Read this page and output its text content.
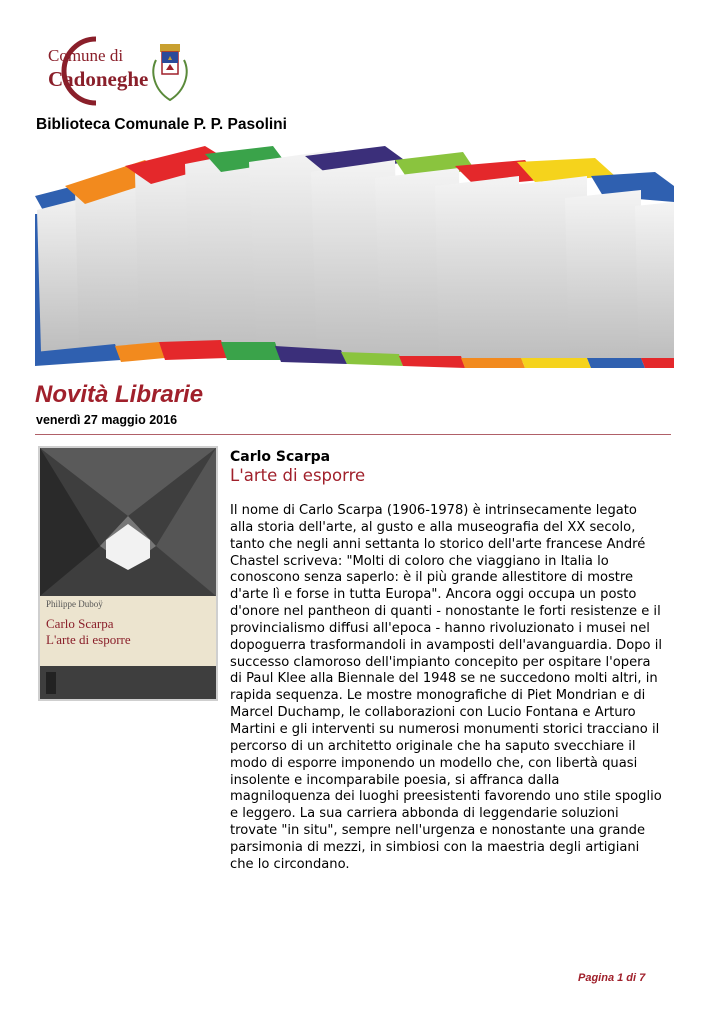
Comune di
Cadoneghe
Biblioteca Comunale P. P. Pasolini
Novità Librarie
venerdì 27 maggio 2016
Philippe Duboÿ
Carlo Scarpa
L'arte di esporre
Carlo Scarpa
L'arte di esporre
Il nome di Carlo Scarpa (1906-1978) è intrinsecamente legato alla storia dell'arte, al gusto e alla museografia del XX secolo, tanto che negli anni settanta lo storico dell'arte francese André Chastel scriveva: "Molti di coloro che viaggiano in Italia lo conoscono senza saperlo: è il più grande allestitore di mostre d'arte lì e forse in tutta Europa". Ancora oggi occupa un posto d'onore nel pantheon di quanti - nonostante le forti resistenze e il provincialismo diffusi all'epoca - hanno rivoluzionato i musei nel dopoguerra trasformandoli in avamposti dell'avanguardia. Dopo il successo clamoroso dell'impianto concepito per ospitare l'opera di Paul Klee alla Biennale del 1948 se ne succedono molti altri, in rapida sequenza. Le mostre monografiche di Piet Mondrian e di Marcel Duchamp, le collaborazioni con Lucio Fontana e Arturo Martini e gli interventi su numerosi monumenti storici tracciano il percorso di un architetto originale che ha saputo svecchiare il modo di esporre imponendo un modello che, con libertà quasi insolente e incomparabile poesia, si affranca dalla magniloquenza dei luoghi preesistenti favorendo uno stile spoglio e leggero. La sua carriera abbonda di leggendarie soluzioni trovate "in situ", sempre nell'urgenza e nonostante una grande parsimonia di mezzi, in simbiosi con la maestria degli artigiani che lo circondano.
Pagina 1 di 7
